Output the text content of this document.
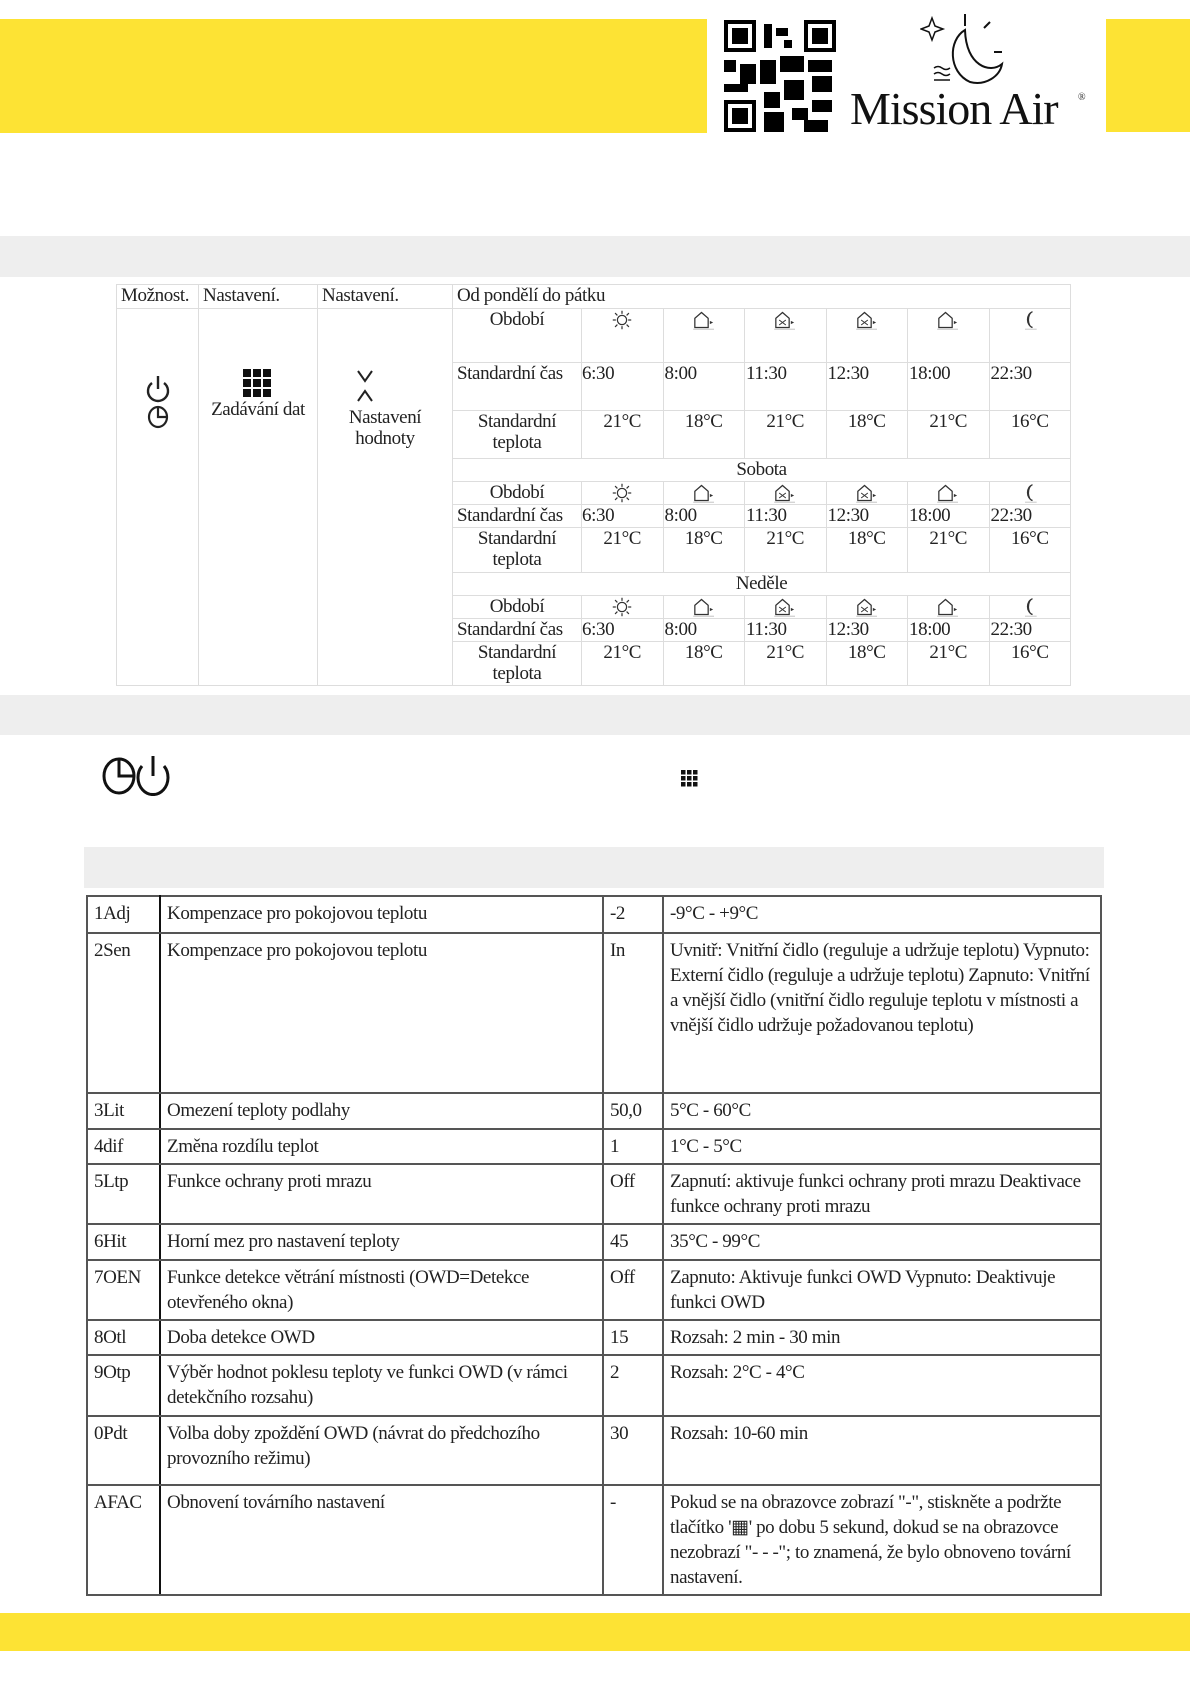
Mission Air ®
Možnost.	Nastavení.	Nastavení.	Od pondělí do pátku						

Zadávání dat	Nastavení hodnoty	Období	

			Standardní čas	6:30	8:00	11:30	12:30	18:00	22:30
			Standardní teplota	21°C	18°C	21°C	18°C	21°C	16°C
			Sobota						
			Období	

			Standardní čas	6:30	8:00	11:30	12:30	18:00	22:30
			Standardní teplota	21°C	18°C	21°C	18°C	21°C	16°C
			Neděle						
			Období	

			Standardní čas	6:30	8:00	11:30	12:30	18:00	22:30
			Standardní teplota	21°C	18°C	21°C	18°C	21°C	16°C
1Adj	Kompenzace pro pokojovou teplotu	-2	-9°C - +9°C
2Sen	Kompenzace pro pokojovou teplotu	In	Uvnitř: Vnitřní čidlo (reguluje a udržuje teplotu) Vypnuto: Externí čidlo (reguluje a udržuje teplotu) Zapnuto: Vnitřní a vnější čidlo (vnitřní čidlo reguluje teplotu v místnosti a vnější čidlo udržuje požadovanou teplotu)
3Lit	Omezení teploty podlahy	50,0	5°C - 60°C
4dif	Změna rozdílu teplot	1	1°C - 5°C
5Ltp	Funkce ochrany proti mrazu	Off	Zapnutí: aktivuje funkci ochrany proti mrazu Deaktivace funkce ochrany proti mrazu
6Hit	Horní mez pro nastavení teploty	45	35°C - 99°C
7OEN	Funkce detekce větrání místnosti (OWD=Detekce otevřeného okna)	Off	Zapnuto: Aktivuje funkci OWD Vypnuto: Deaktivuje funkci OWD
8Otl	Doba detekce OWD	15	Rozsah: 2 min - 30 min
9Otp	Výběr hodnot poklesu teploty ve funkci OWD (v rámci detekčního rozsahu)	2	Rozsah: 2°C - 4°C
0Pdt	Volba doby zpoždění OWD (návrat do předchozího provozního režimu)	30	Rozsah: 10-60 min
AFAC	Obnovení továrního nastavení	-	Pokud se na obrazovce zobrazí "-", stiskněte a podržte tlačítko '▦' po dobu 5 sekund, dokud se na obrazovce nezobrazí "- - -"; to znamená, že bylo obnoveno tovární nastavení.
